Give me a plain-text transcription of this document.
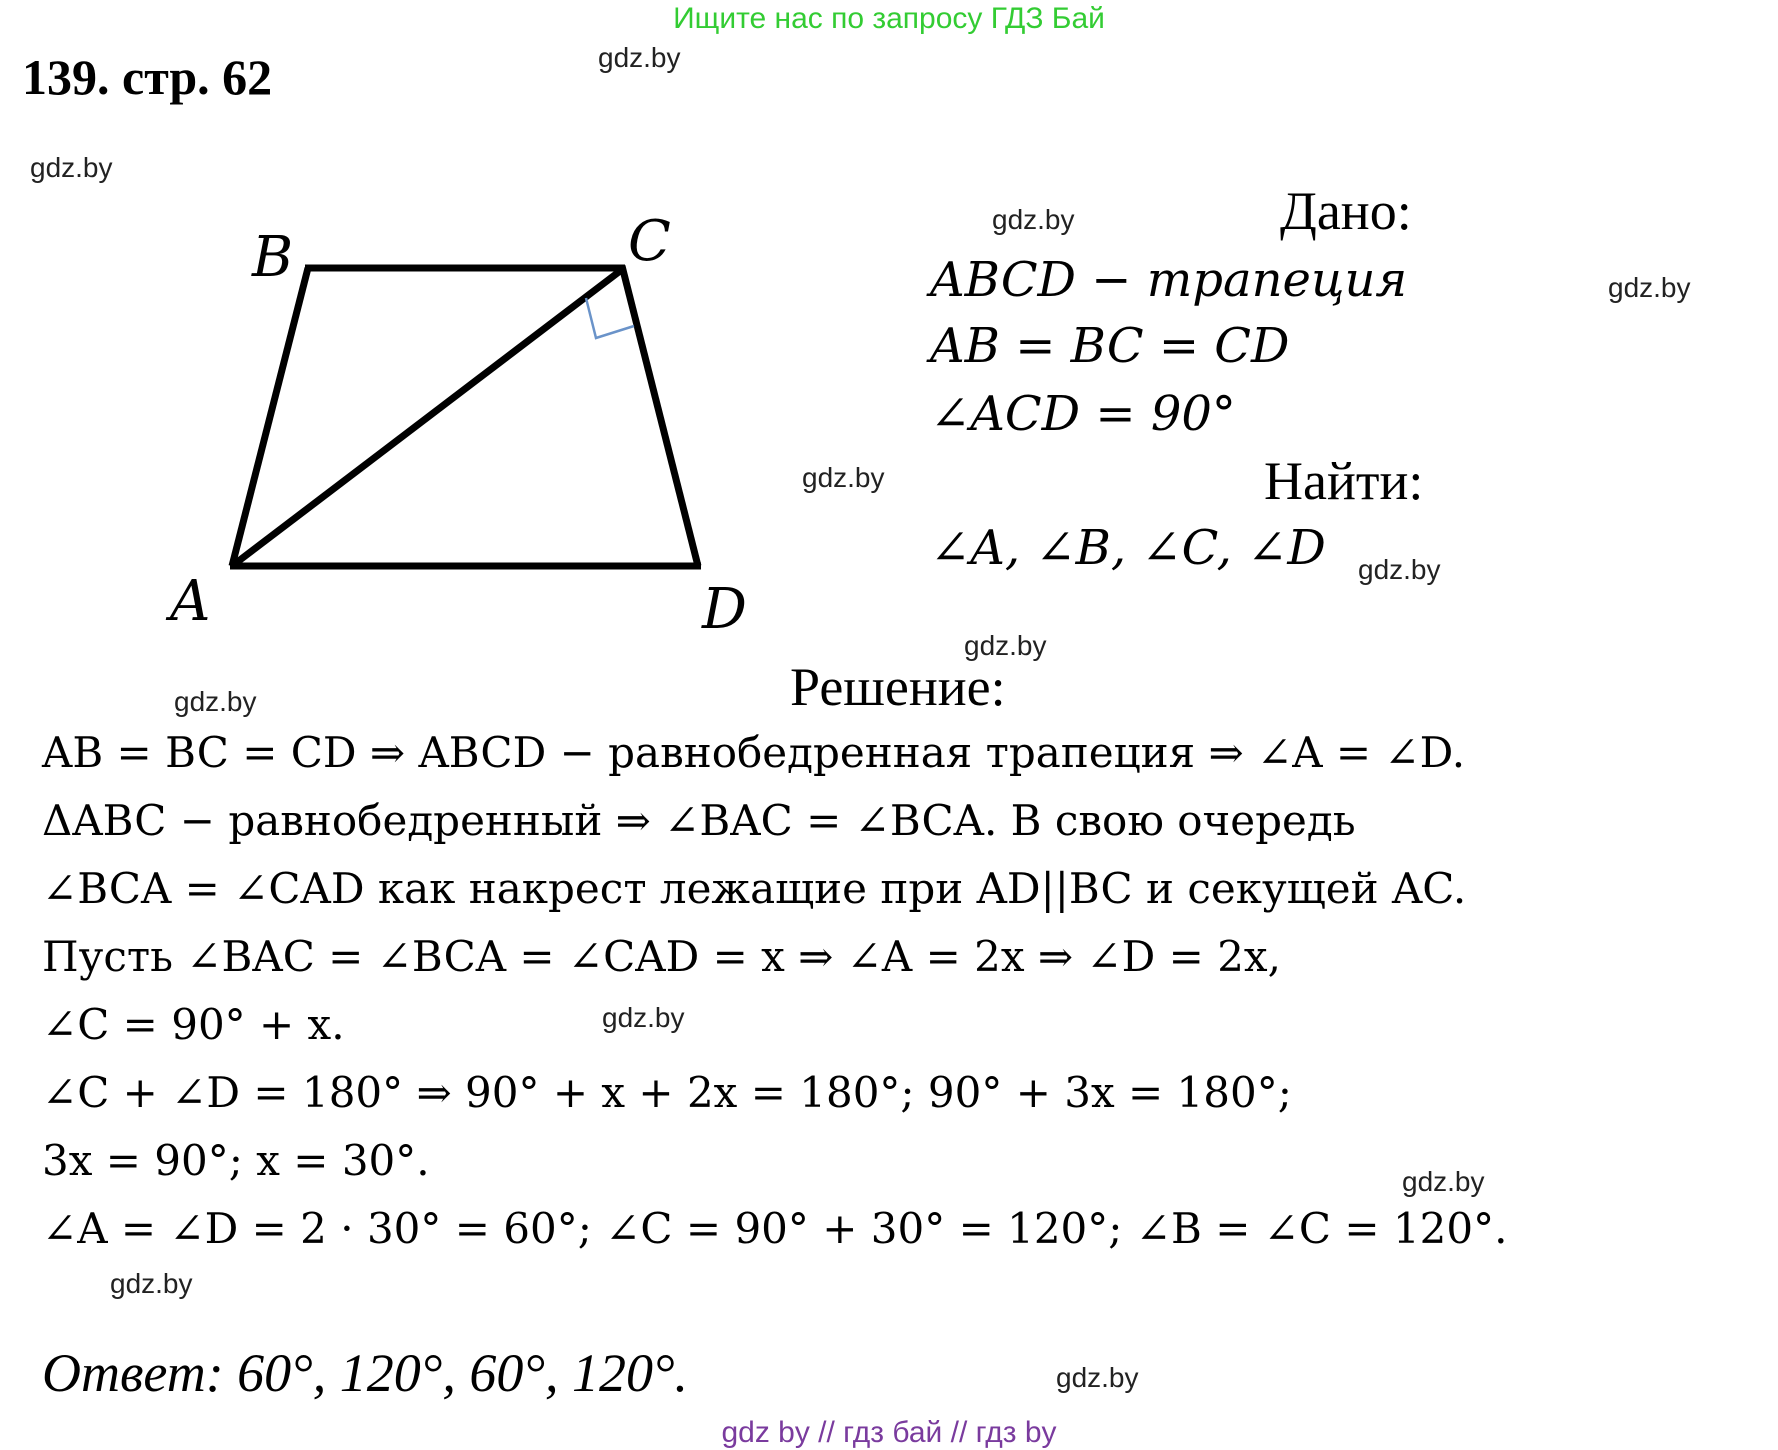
Ищите нас по запросу ГДЗ Бай
139. стр. 62	gdz.by
gdz.by
gdz.by
gdz.by
gdz.by
gdz.by
gdz.by
gdz.by
gdz.by
gdz.by
gdz.by
gdz.by
B	C
A	D
Дано:
ABCD − трапеция
AB = BC = CD
∠ACD = 90°
Найти:
∠A, ∠B, ∠C, ∠D
Решение:
AB = BC = CD ⇒ ABCD − равнобедренная трапеция ⇒ ∠A = ∠D.
ΔABC − равнобедренный ⇒ ∠BAC = ∠BCA. В свою очередь
∠BCA = ∠CAD как накрест лежащие при AD||BC и секущей AC.
Пусть ∠BAC = ∠BCA = ∠CAD = x ⇒ ∠A = 2x ⇒ ∠D = 2x,
∠C = 90° + x.
∠C + ∠D = 180° ⇒ 90° + x + 2x = 180°; 90° + 3x = 180°;
3x = 90°; x = 30°.
∠A = ∠D = 2 · 30° = 60°; ∠C = 90° + 30° = 120°; ∠B = ∠C = 120°.
Ответ: 60°, 120°, 60°, 120°.
gdz by // гдз бай // гдз by
